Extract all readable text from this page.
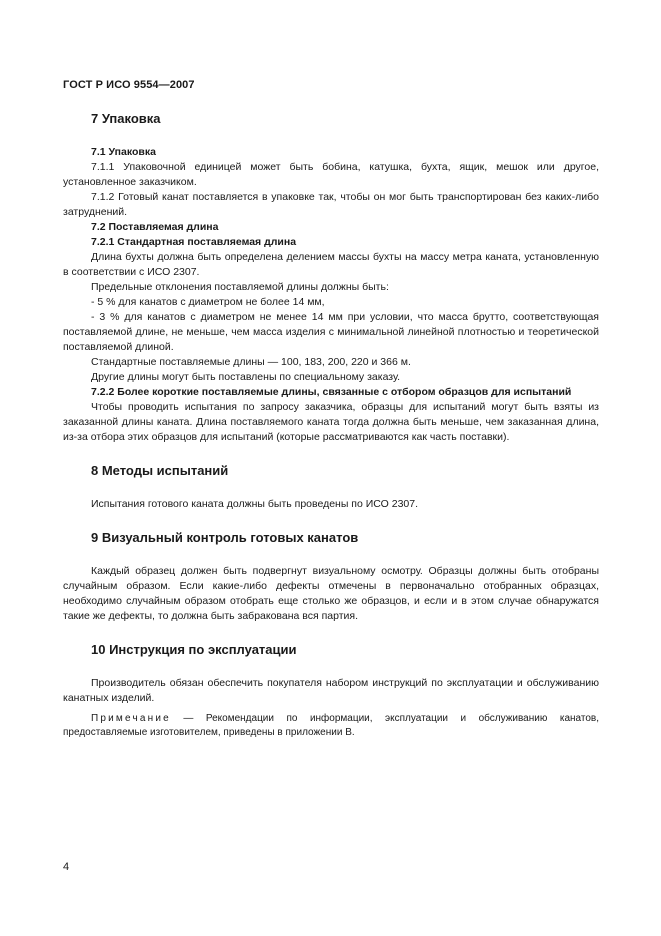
ГОСТ Р ИСО 9554—2007
7 Упаковка
7.1 Упаковка
7.1.1 Упаковочной единицей может быть бобина, катушка, бухта, ящик, мешок или другое, установленное заказчиком.
7.1.2 Готовый канат поставляется в упаковке так, чтобы он мог быть транспортирован без каких-либо затруднений.
7.2 Поставляемая длина
7.2.1 Стандартная поставляемая длина
Длина бухты должна быть определена делением массы бухты на массу метра каната, установленную в соответствии с ИСО 2307.
Предельные отклонения поставляемой длины должны быть:
- 5 % для канатов с диаметром не более 14 мм,
- 3 % для канатов с диаметром не менее 14 мм при условии, что масса брутто, соответствующая поставляемой длине, не меньше, чем масса изделия с минимальной линейной плотностью и теоретической поставляемой длиной.
Стандартные поставляемые длины — 100, 183, 200, 220 и 366 м.
Другие длины могут быть поставлены по специальному заказу.
7.2.2 Более короткие поставляемые длины, связанные с отбором образцов для испытаний
Чтобы проводить испытания по запросу заказчика, образцы для испытаний могут быть взяты из заказанной длины каната. Длина поставляемого каната тогда должна быть меньше, чем заказанная длина, из-за отбора этих образцов для испытаний (которые рассматриваются как часть поставки).
8 Методы испытаний
Испытания готового каната должны быть проведены по ИСО 2307.
9 Визуальный контроль готовых канатов
Каждый образец должен быть подвергнут визуальному осмотру. Образцы должны быть отобраны случайным образом. Если какие-либо дефекты отмечены в первоначально отобранных образцах, необходимо случайным образом отобрать еще столько же образцов, и если и в этом случае обнаружатся такие же дефекты, то должна быть забракована вся партия.
10 Инструкция по эксплуатации
Производитель обязан обеспечить покупателя набором инструкций по эксплуатации и обслуживанию канатных изделий.
Примечание — Рекомендации по информации, эксплуатации и обслуживанию канатов, предоставляемые изготовителем, приведены в приложении В.
4
